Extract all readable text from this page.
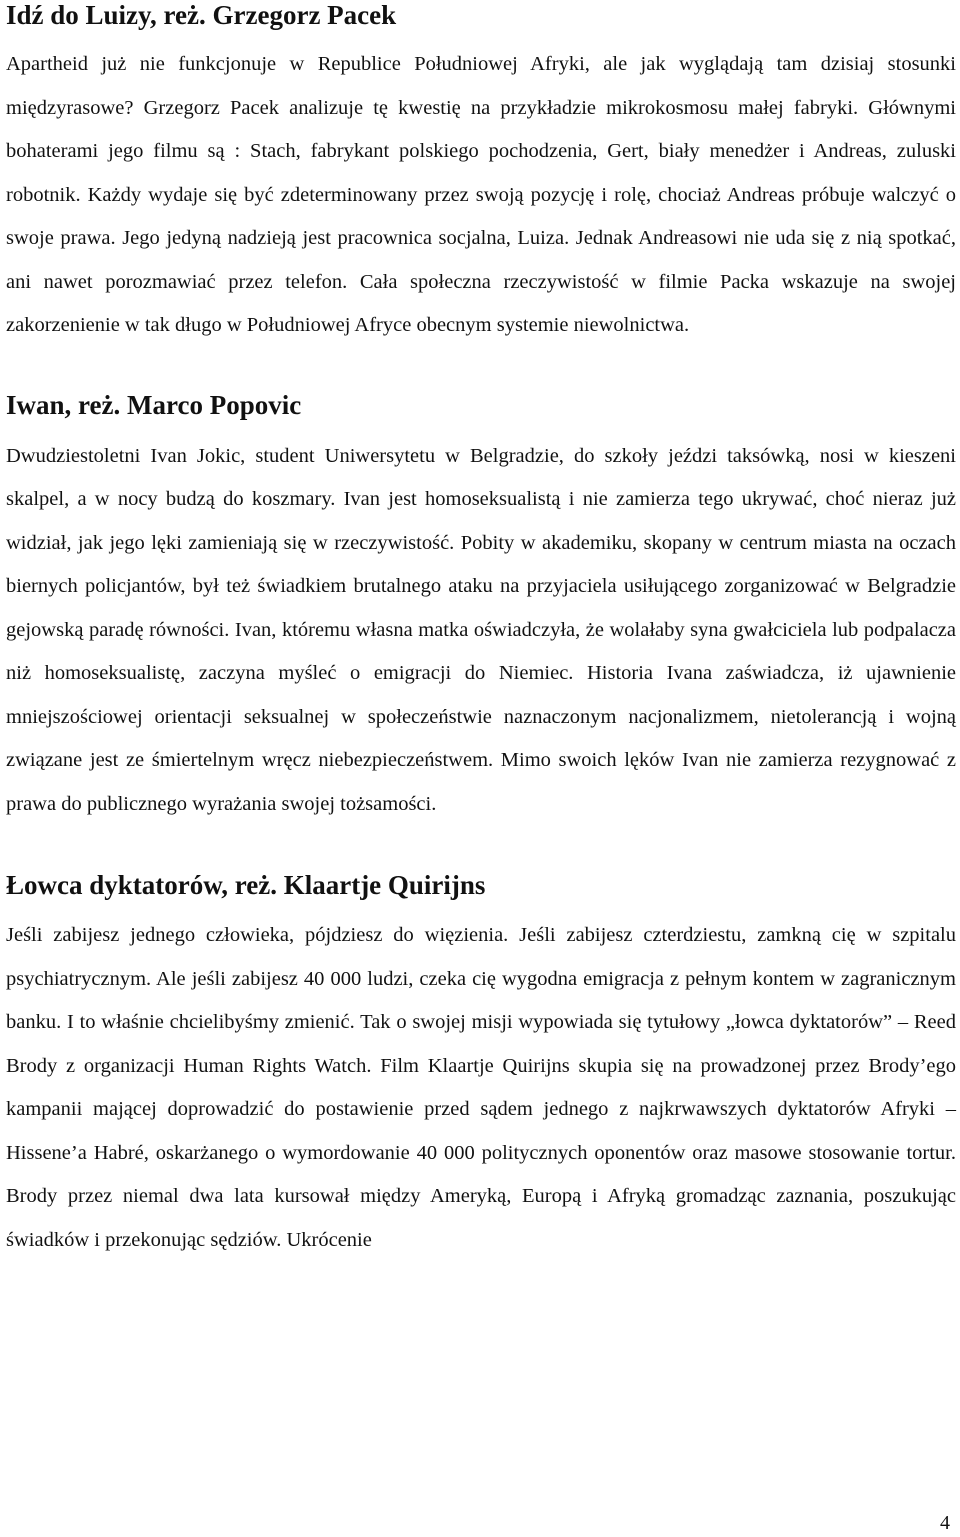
Idź do Luizy, reż. Grzegorz Pacek

Apartheid już nie funkcjonuje w Republice Południowej Afryki, ale jak wyglądają tam dzisiaj stosunki międzyrasowe? Grzegorz Pacek analizuje tę kwestię na przykładzie mikrokosmosu małej fabryki. Głównymi bohaterami jego filmu są : Stach, fabrykant polskiego pochodzenia, Gert, biały menedżer i Andreas, zuluski robotnik. Każdy wydaje się być zdeterminowany przez swoją pozycję i rolę, chociaż Andreas próbuje walczyć o swoje prawa. Jego jedyną nadzieją jest pracownica socjalna, Luiza. Jednak Andreasowi nie uda się z nią spotkać, ani nawet porozmawiać przez telefon. Cała społeczna rzeczywistość w filmie Packa wskazuje na swojej zakorzenienie w tak długo w Południowej Afryce obecnym systemie niewolnictwa.

Iwan, reż. Marco Popovic

Dwudziestoletni Ivan Jokic, student Uniwersytetu w Belgradzie, do szkoły jeździ taksówką, nosi w kieszeni skalpel, a w nocy budzą do koszmary. Ivan jest homoseksualistą i nie zamierza tego ukrywać, choć nieraz już widział, jak jego lęki zamieniają się w rzeczywistość. Pobity w akademiku, skopany w centrum miasta na oczach biernych policjantów, był też świadkiem brutalnego ataku na przyjaciela usiłującego zorganizować w Belgradzie gejowską paradę równości. Ivan, któremu własna matka oświadczyła, że wolałaby syna gwałciciela lub podpalacza niż homoseksualistę, zaczyna myśleć o emigracji do Niemiec. Historia Ivana zaświadcza, iż ujawnienie mniejszościowej orientacji seksualnej w społeczeństwie naznaczonym nacjonalizmem, nietolerancją i wojną związane jest ze śmiertelnym wręcz niebezpieczeństwem. Mimo swoich lęków Ivan nie zamierza rezygnować z prawa do publicznego wyrażania swojej tożsamości.

Łowca dyktatorów, reż. Klaartje Quirijns

Jeśli zabijesz jednego człowieka, pójdziesz do więzienia. Jeśli zabijesz czterdziestu, zamkną cię w szpitalu psychiatrycznym. Ale jeśli zabijesz 40 000 ludzi, czeka cię wygodna emigracja z pełnym kontem w zagranicznym banku. I to właśnie chcielibyśmy zmienić. Tak o swojej misji wypowiada się tytułowy „łowca dyktatorów” – Reed Brody z organizacji Human Rights Watch. Film Klaartje Quirijns skupia się na prowadzonej przez Brody’ego kampanii mającej doprowadzić do postawienie przed sądem jednego z najkrwawszych dyktatorów Afryki – Hissene’a Habré, oskarżanego o wymordowanie 40 000 politycznych oponentów oraz masowe stosowanie tortur. Brody przez niemal dwa lata kursował między Ameryką, Europą i Afryką gromadząc zaznania, poszukując świadków i przekonując sędziów. Ukrócenie

4
